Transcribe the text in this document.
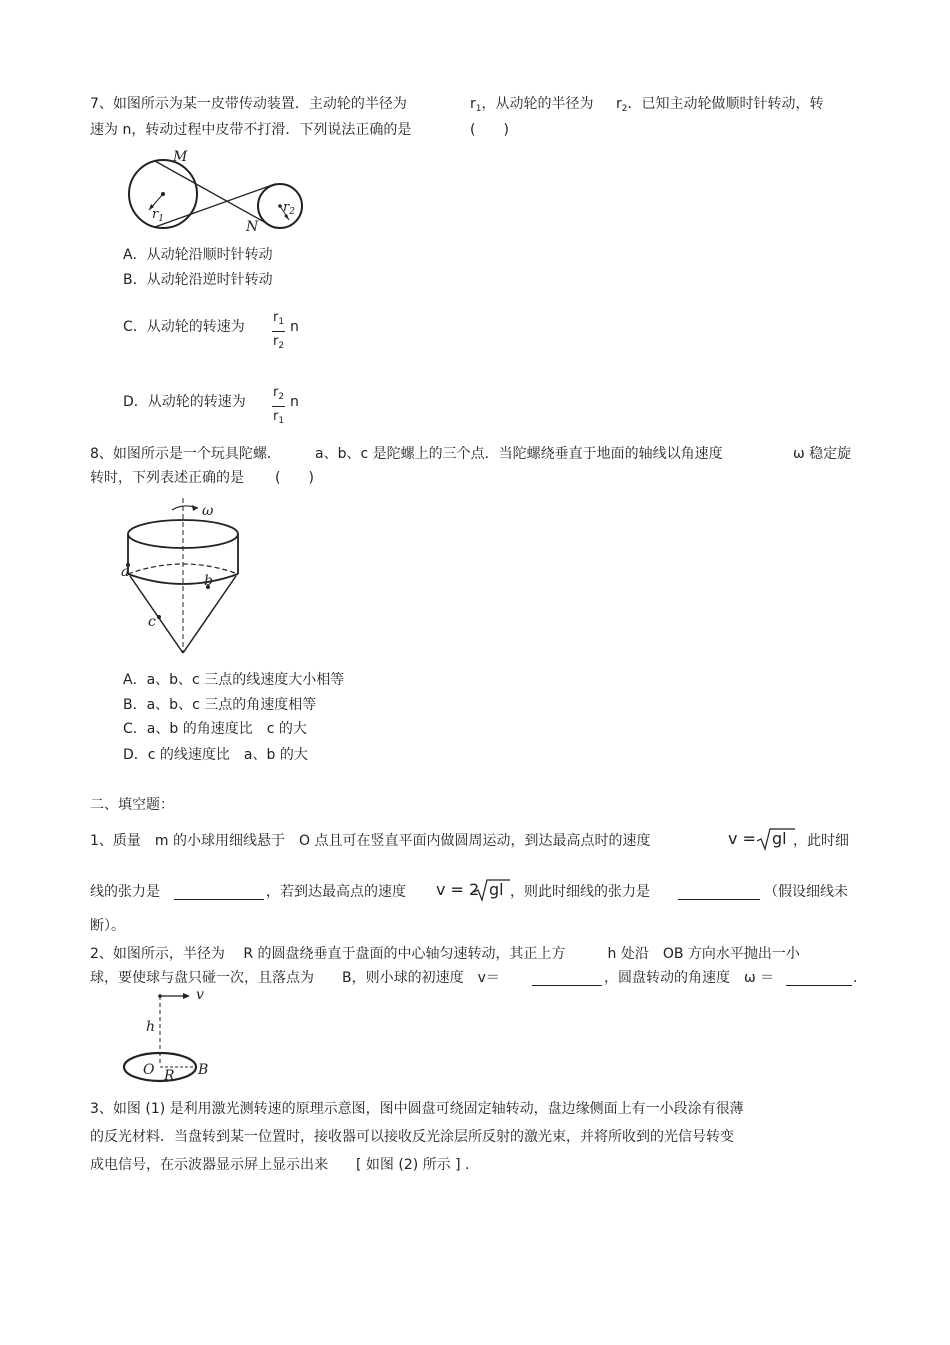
7、如图所示为某一皮带传动装置．主动轮的半径为	$r_1$，从动轮的半径为 $r_2$．已知主动轮做顺时针转动，转
速为 n，转动过程中皮带不打滑．下列说法正确的是	(　　)
M
N
$r_1$
$r_2$
A．从动轮沿顺时针转动
B．从动轮沿逆时针转动
C．从动轮的转速为 $\frac{r_1}{r_2}$ n
D．从动轮的转速为 $\frac{r_2}{r_1}$ n
8、如图所示是一个玩具陀螺． a、b、c 是陀螺上的三个点．当陀螺绕垂直于地面的轴线以角速度	ω 稳定旋
转时，下列表述正确的是 (　　)
ω
a
b
c
A．a、b、c 三点的线速度大小相等
B．a、b、c 三点的角速度相等
C．a、b 的角速度比　c 的大
D．c 的线速度比　a、b 的大
二、填空题：
1、质量　m 的小球用细线悬于　O 点且可在竖直平面内做圆周运动，到达最高点时的速度	v = gl ，此时细
线的张力是	，若到达最高点的速度 v = 2 gl ，则此时细线的张力是	（假设细线未
断）。
2、如图所示，半径为　 R 的圆盘绕垂直于盘面的中心轴匀速转动，其正上方　　　h 处沿　OB 方向水平抛出一小
球，要使球与盘只碰一次，且落点为　　B，则小球的初速度　v＝	，圆盘转动的角速度　ω ＝	.
v
h
O R B
3、如图 (1) 是利用激光测转速的原理示意图，图中圆盘可绕固定轴转动，盘边缘侧面上有一小段涂有很薄
的反光材料．当盘转到某一位置时，接收器可以接收反光涂层所反射的激光束，并将所收到的光信号转变
成电信号，在示波器显示屏上显示出来　　[ 如图 (2) 所示 ] .
